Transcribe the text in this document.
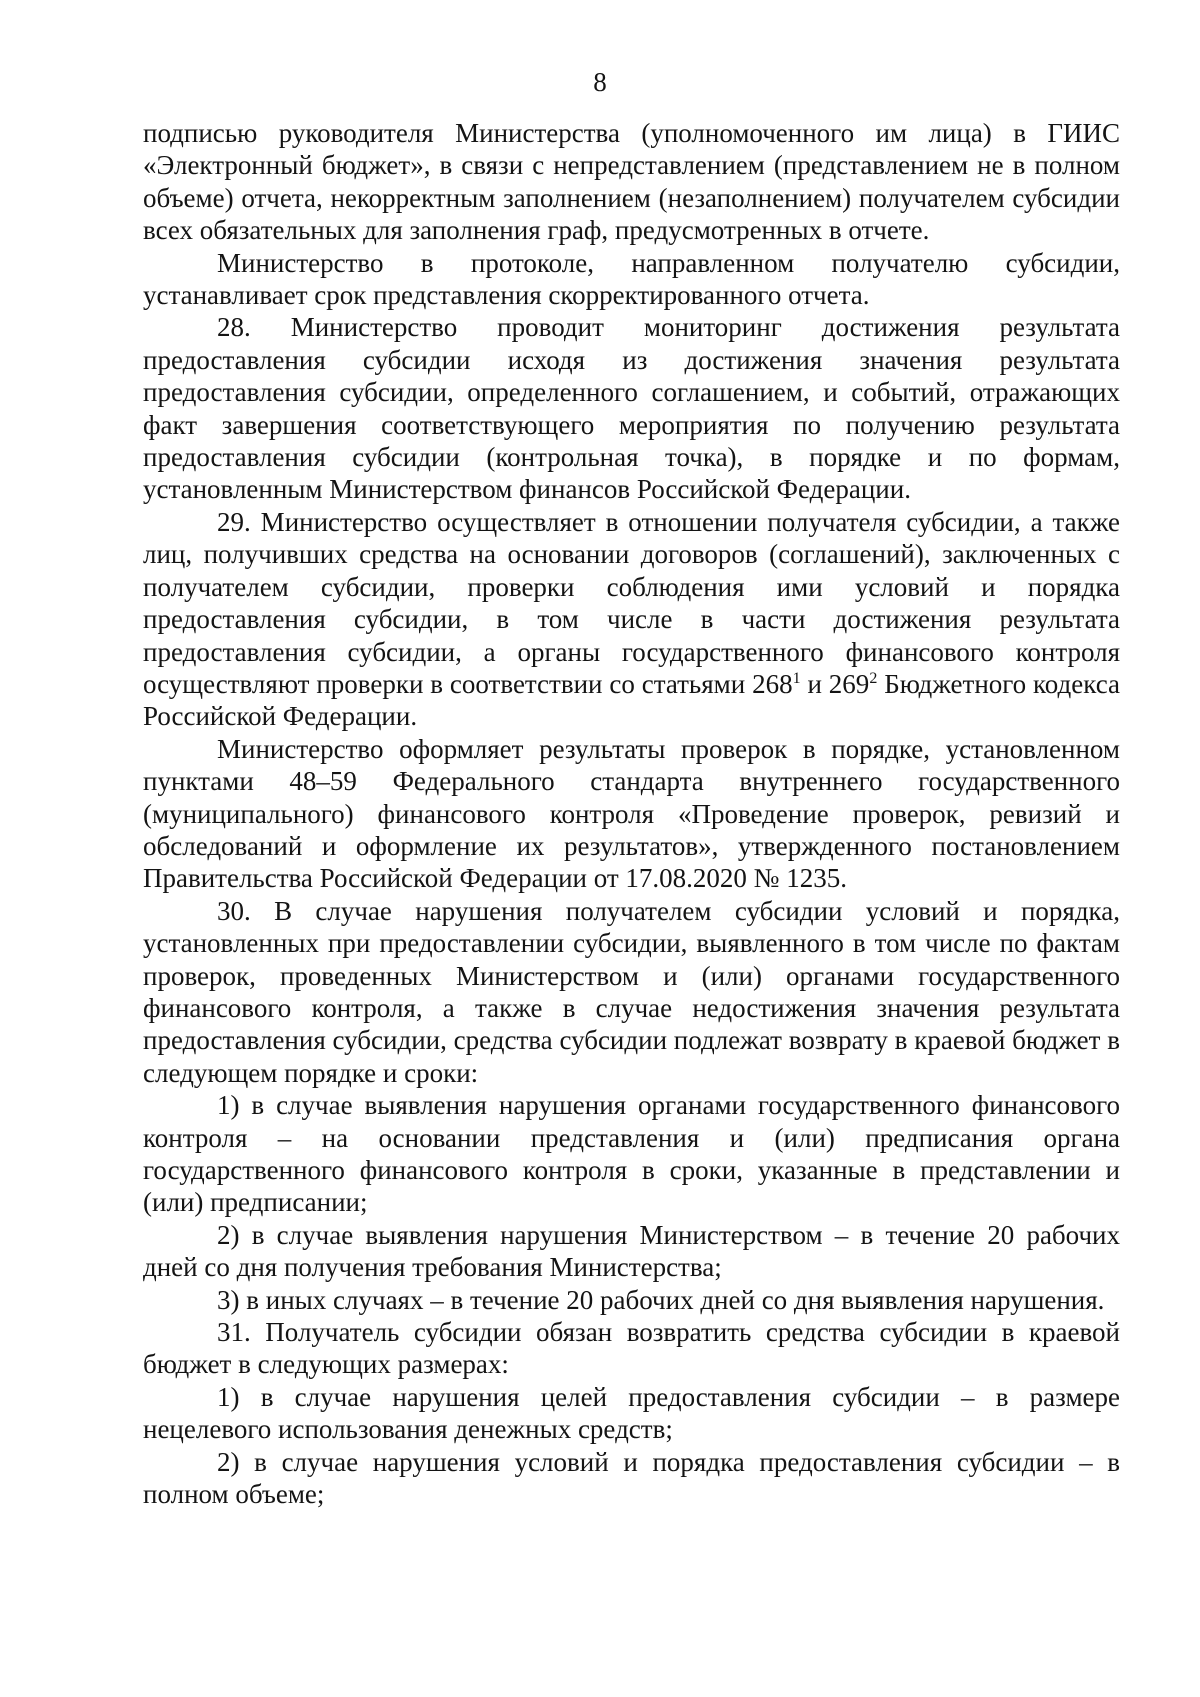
8

подписью руководителя Министерства (уполномоченного им лица) в ГИИС «Электронный бюджет», в связи с непредставлением (представлением не в полном объеме) отчета, некорректным заполнением (незаполнением) получателем субсидии всех обязательных для заполнения граф, предусмотренных в отчете.

Министерство в протоколе, направленном получателю субсидии, устанавливает срок представления скорректированного отчета.

28. Министерство проводит мониторинг достижения результата предоставления субсидии исходя из достижения значения результата предоставления субсидии, определенного соглашением, и событий, отражающих факт завершения соответствующего мероприятия по получению результата предоставления субсидии (контрольная точка), в порядке и по формам, установленным Министерством финансов Российской Федерации.

29. Министерство осуществляет в отношении получателя субсидии, а также лиц, получивших средства на основании договоров (соглашений), заключенных с получателем субсидии, проверки соблюдения ими условий и порядка предоставления субсидии, в том числе в части достижения результата предоставления субсидии, а органы государственного финансового контроля осуществляют проверки в соответствии со статьями $268^1$ и $269^2$ Бюджетного кодекса Российской Федерации.

Министерство оформляет результаты проверок в порядке, установленном пунктами 48–59 Федерального стандарта внутреннего государственного (муниципального) финансового контроля «Проведение проверок, ревизий и обследований и оформление их результатов», утвержденного постановлением Правительства Российской Федерации от 17.08.2020 № 1235.

30. В случае нарушения получателем субсидии условий и порядка, установленных при предоставлении субсидии, выявленного в том числе по фактам проверок, проведенных Министерством и (или) органами государственного финансового контроля, а также в случае недостижения значения результата предоставления субсидии, средства субсидии подлежат возврату в краевой бюджет в следующем порядке и сроки:

1) в случае выявления нарушения органами государственного финансового контроля – на основании представления и (или) предписания органа государственного финансового контроля в сроки, указанные в представлении и (или) предписании;

2) в случае выявления нарушения Министерством – в течение 20 рабочих дней со дня получения требования Министерства;

3) в иных случаях – в течение 20 рабочих дней со дня выявления нарушения.

31. Получатель субсидии обязан возвратить средства субсидии в краевой бюджет в следующих размерах:

1) в случае нарушения целей предоставления субсидии – в размере нецелевого использования денежных средств;

2) в случае нарушения условий и порядка предоставления субсидии – в полном объеме;
